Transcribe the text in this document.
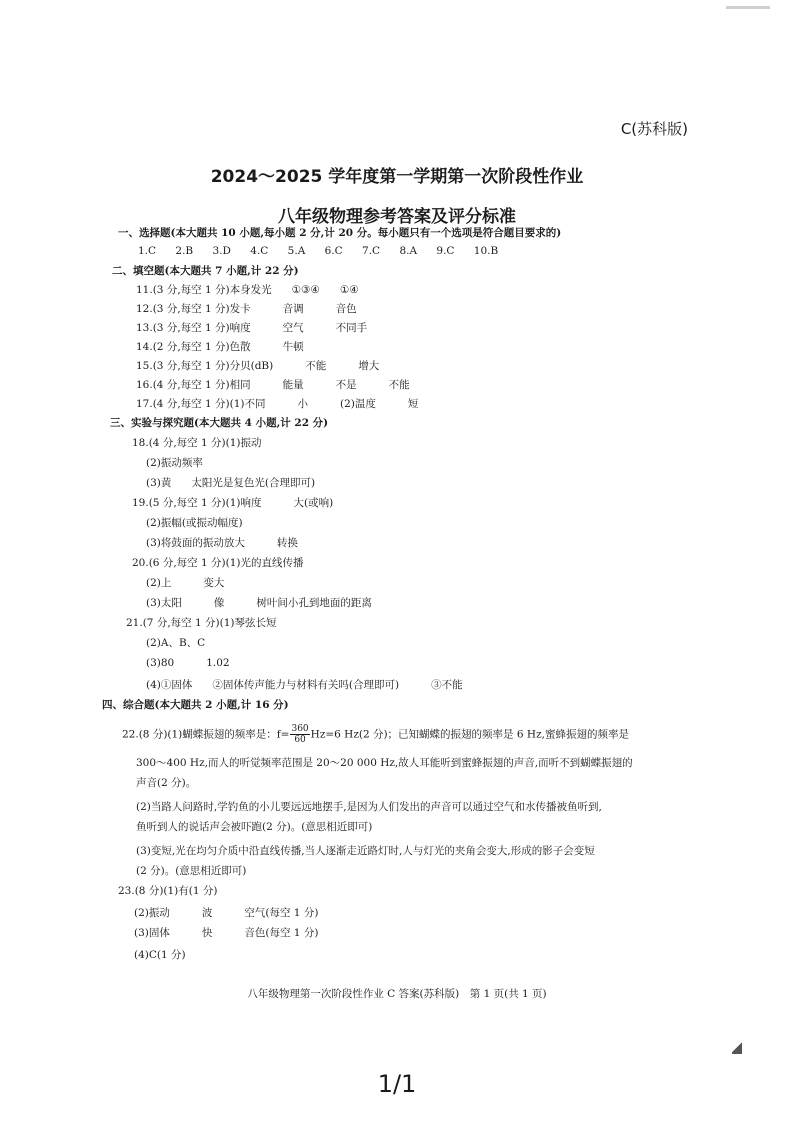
C(苏科版)
2024～2025 学年度第一学期第一次阶段性作业
八年级物理参考答案及评分标准
一、选择题(本大题共 10 小题,每小题 2 分,计 20 分。每小题只有一个选项是符合题目要求的)
1.C 2.B 3.D 4.C 5.A 6.C 7.C 8.A 9.C 10.B
二、填空题(本大题共 7 小题,计 22 分)
11.(3 分,每空 1 分)本身发光 ①③④ ①④
12.(3 分,每空 1 分)发卡	音调	音色
13.(3 分,每空 1 分)响度	空气	不同手
14.(2 分,每空 1 分)色散	牛顿
15.(3 分,每空 1 分)分贝(dB)	不能	增大
16.(4 分,每空 1 分)相同	能量	不是	不能
17.(4 分,每空 1 分)(1)不同	小	(2)温度	短
三、实验与探究题(本大题共 4 小题,计 22 分)
18.(4 分,每空 1 分)(1)振动
(2)振动频率
(3)黄 太阳光是复色光(合理即可)
19.(5 分,每空 1 分)(1)响度	大(或响)
(2)振幅(或振动幅度)
(3)将鼓面的振动放大	转换
20.(6 分,每空 1 分)(1)光的直线传播
(2)上	变大
(3)太阳	像	树叶间小孔到地面的距离
21.(7 分,每空 1 分)(1)琴弦长短
(2)A、B、C
(3)80	1.02
(4)①固体 ②固体传声能力与材料有关吗(合理即可)	③不能
四、综合题(本大题共 2 小题,计 16 分)
22.(8 分)(1)蝴蝶振翅的频率是：$f= \frac{360}{60} Hz=6$ Hz(2 分)；已知蝴蝶的振翅的频率是 6 Hz,蜜蜂振翅的频率是
300～400 Hz,而人的听觉频率范围是 20～20 000 Hz,故人耳能听到蜜蜂振翅的声音,而听不到蝴蝶振翅的
声音(2 分)。
(2)当路人问路时,学钓鱼的小儿要远远地摆手,是因为人们发出的声音可以通过空气和水传播被鱼听到,
鱼听到人的说话声会被吓跑(2 分)。(意思相近即可)
(3)变短,光在均匀介质中沿直线传播,当人逐渐走近路灯时,人与灯光的夹角会变大,形成的影子会变短
(2 分)。(意思相近即可)
23.(8 分)(1)有(1 分)
(2)振动	波	空气(每空 1 分)
(3)固体	快	音色(每空 1 分)
(4)C(1 分)
八年级物理第一次阶段性作业 C 答案(苏科版)　第 1 页(共 1 页)
1/1
